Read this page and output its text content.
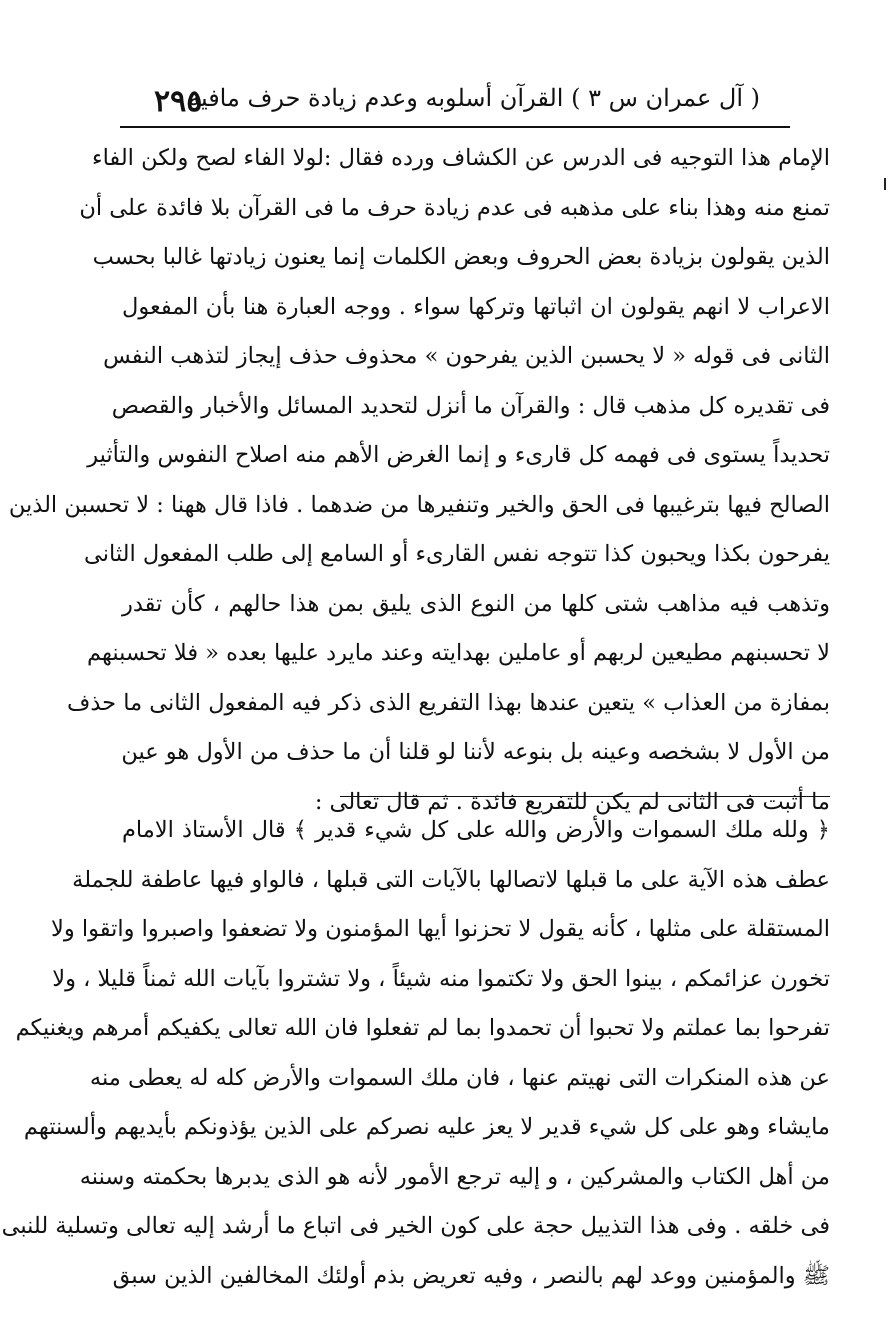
٢٩٥
( آل عمران س ٣ ) القرآن أسلوبه وعدم زيادة حرف مافيه
الإمام هذا التوجيه فى الدرس عن الكشاف ورده فقال :لولا الفاء لصح ولكن الفاء
تمنع منه وهذا بناء على مذهبه فى عدم زيادة حرف ما فى القرآن بلا فائدة على أن
الذين يقولون بزيادة بعض الحروف وبعض الكلمات إنما يعنون زيادتها غالبا بحسب
الاعراب لا انهم يقولون ان اثباتها وتركها سواء . ووجه العبارة هنا بأن المفعول
الثانى فى قوله « لا يحسبن الذين يفرحون » محذوف حذف إيجاز لتذهب النفس
فى تقديره كل مذهب قال : والقرآن ما أنزل لتحديد المسائل والأخبار والقصص
تحديداً يستوى فى فهمه كل قارىء و إنما الغرض الأهم منه اصلاح النفوس والتأثير
الصالح فيها بترغيبها فى الحق والخير وتنفيرها من ضدهما . فاذا قال ههنا : لا تحسبن الذين
يفرحون بكذا ويحبون كذا تتوجه نفس القارىء أو السامع إلى طلب المفعول الثانى
وتذهب فيه مذاهب شتى كلها من النوع الذى يليق بمن هذا حالهم ، كأن تقدر
لا تحسبنهم مطيعين لربهم أو عاملين بهدايته وعند مايرد عليها بعده « فلا تحسبنهم
بمفازة من العذاب » يتعين عندها بهذا التفريع الذى ذكر فيه المفعول الثانى ما حذف
من الأول لا بشخصه وعينه بل بنوعه لأننا لو قلنا أن ما حذف من الأول هو عين
ما أثبت فى الثانى لم يكن للتفريع فائدة . ثم قال تعالى :
﴿ ولله ملك السموات والأرض والله على كل شيء قدير ﴾ قال الأستاذ الامام
عطف هذه الآية على ما قبلها لاتصالها بالآيات التى قبلها ، فالواو فيها عاطفة للجملة
المستقلة على مثلها ، كأنه يقول لا تحزنوا أيها المؤمنون ولا تضعفوا واصبروا واتقوا ولا
تخورن عزائمكم ، بينوا الحق ولا تكتموا منه شيئاً ، ولا تشتروا بآيات الله ثمناً قليلا ، ولا
تفرحوا بما عملتم ولا تحبوا أن تحمدوا بما لم تفعلوا فان الله تعالى يكفيكم أمرهم ويغنيكم
عن هذه المنكرات التى نهيتم عنها ، فان ملك السموات والأرض كله له يعطى منه
مايشاء وهو على كل شيء قدير لا يعز عليه نصركم على الذين يؤذونكم بأيديهم وألسنتهم
من أهل الكتاب والمشركين ، و إليه ترجع الأمور لأنه هو الذى يدبرها بحكمته وسننه
فى خلقه . وفى هذا التذييل حجة على كون الخير فى اتباع ما أرشد إليه تعالى وتسلية للنبى
ﷺ والمؤمنين ووعد لهم بالنصر ، وفيه تعريض بذم أولئك المخالفين الذين سبق
